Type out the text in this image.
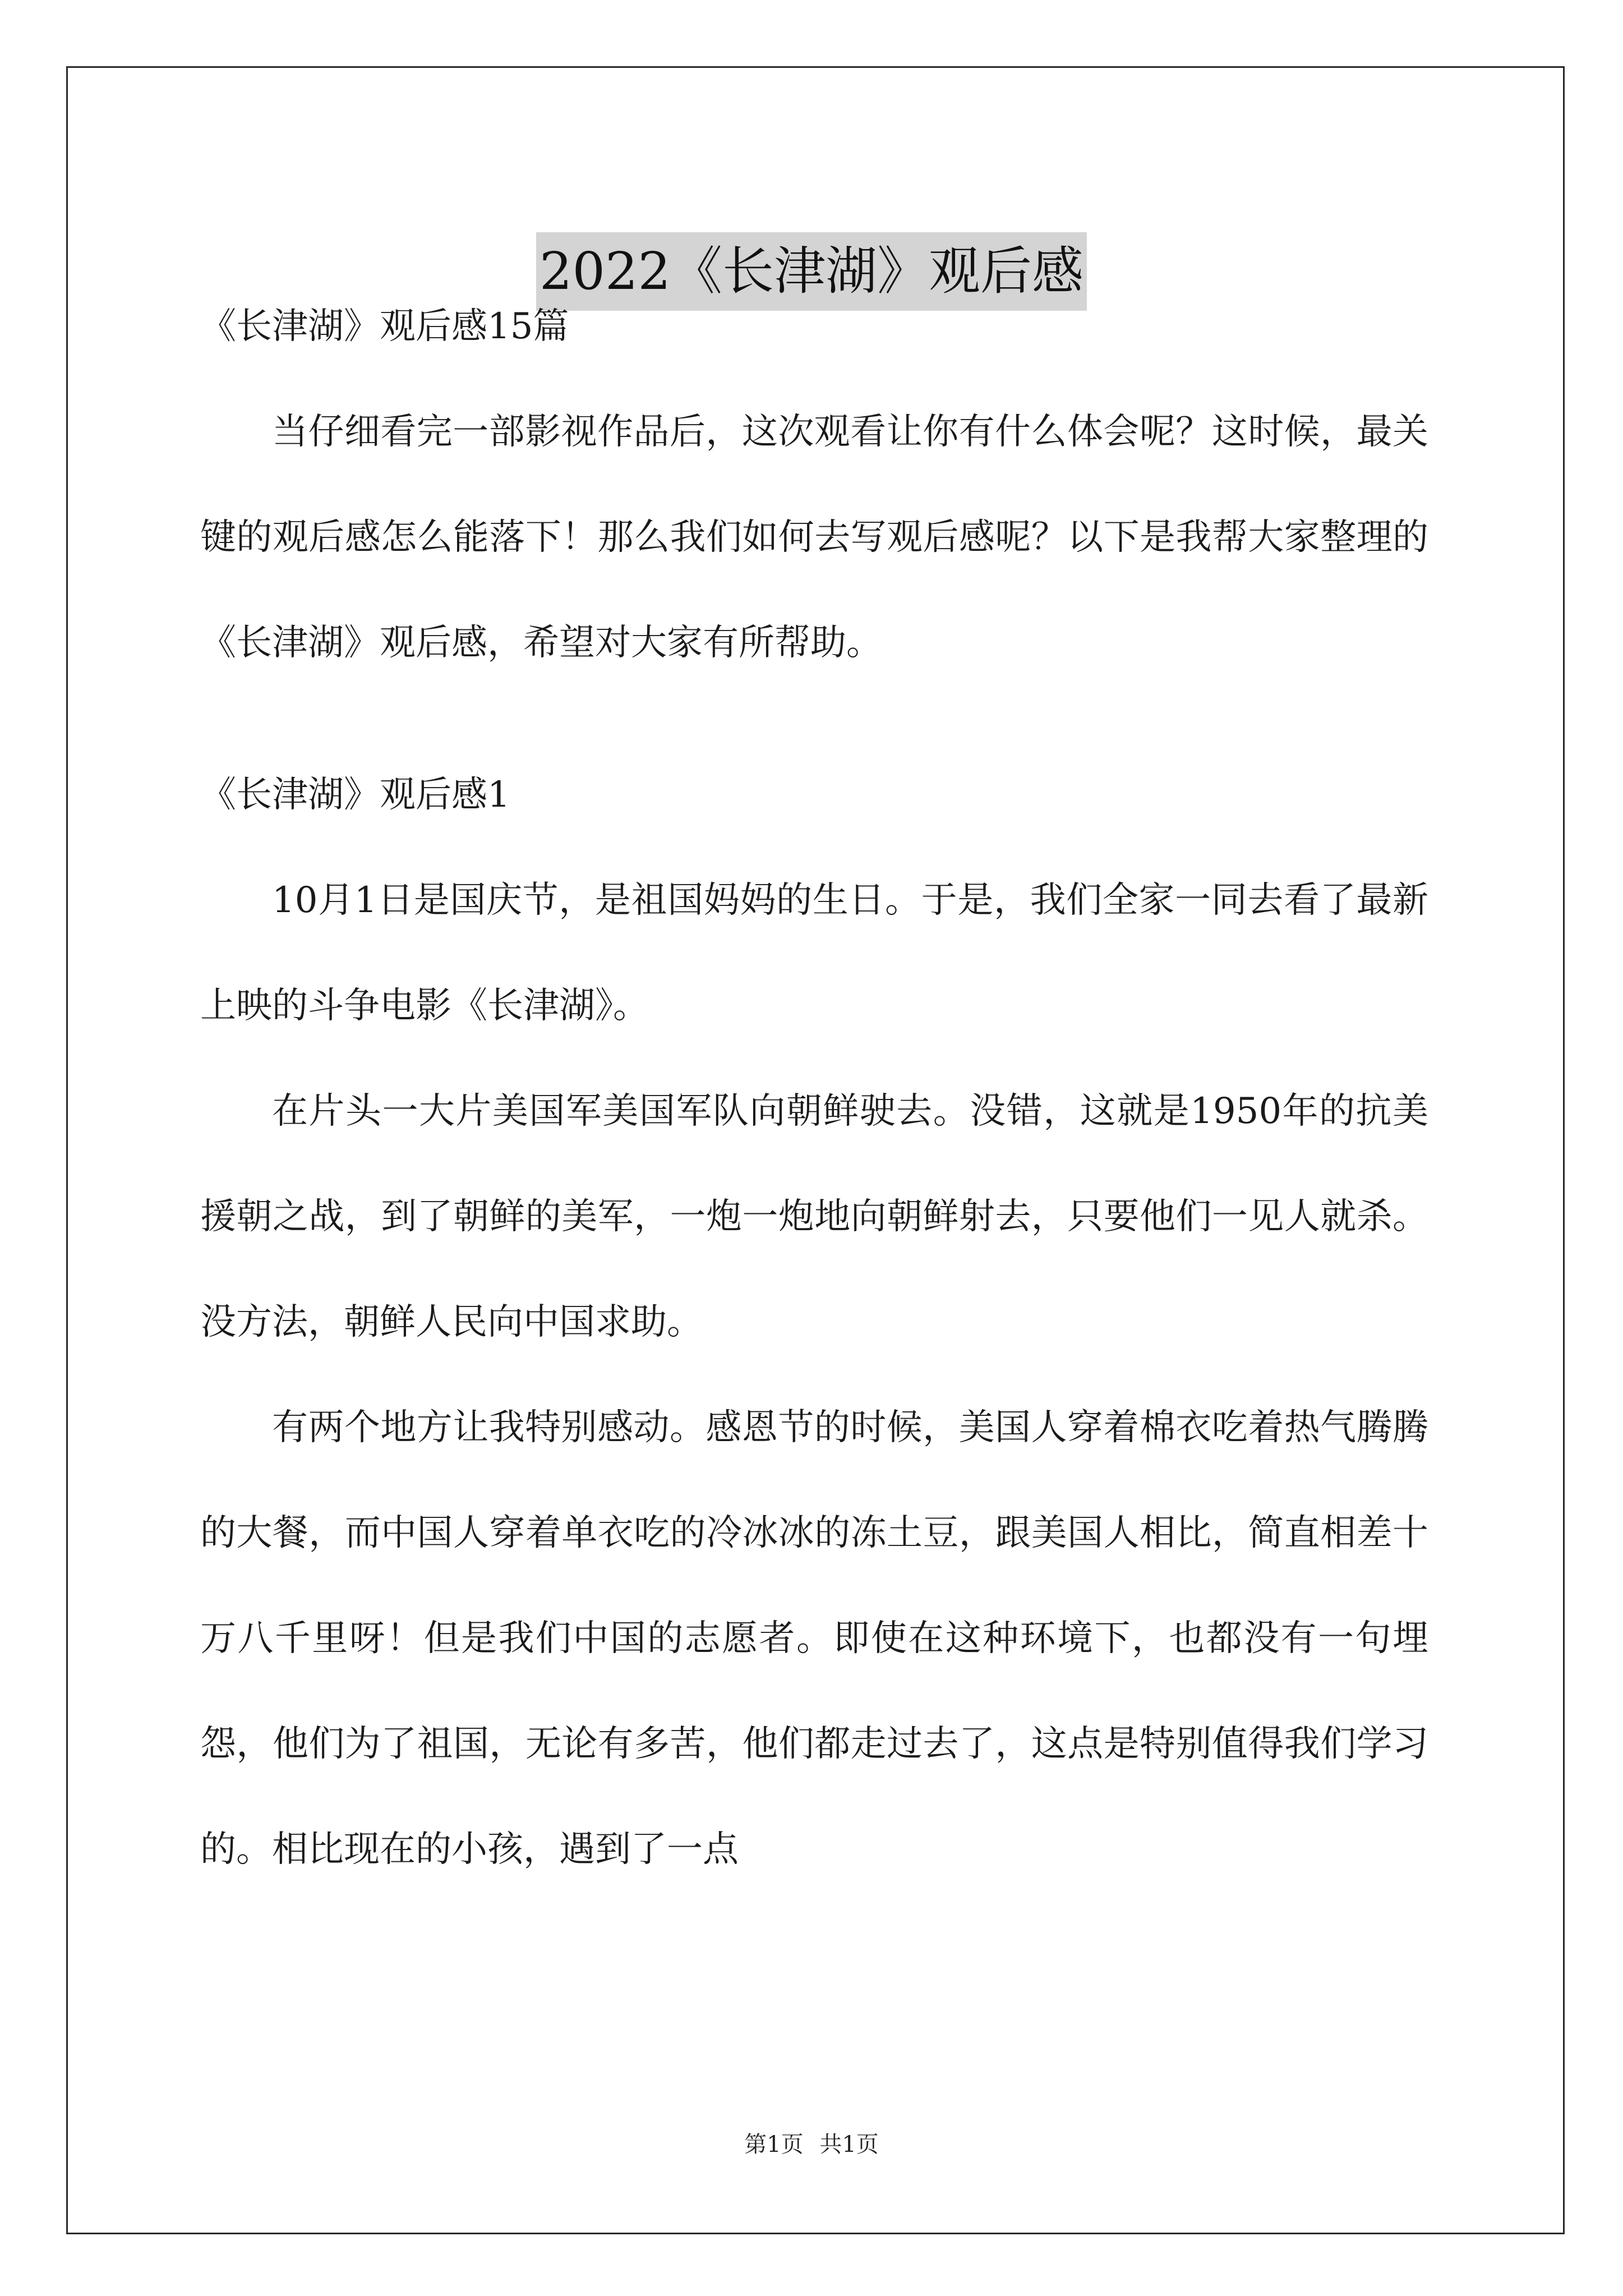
2022《长津湖》观后感

《长津湖》观后感15篇

当仔细看完一部影视作品后，这次观看让你有什么体会呢？这时候，最关键的观后感怎么能落下！那么我们如何去写观后感呢？以下是我帮大家整理的《长津湖》观后感，希望对大家有所帮助。

《长津湖》观后感1

10月1日是国庆节，是祖国妈妈的生日。于是，我们全家一同去看了最新上映的斗争电影《长津湖》。

在片头一大片美国军美国军队向朝鲜驶去。没错，这就是1950年的抗美援朝之战，到了朝鲜的美军，一炮一炮地向朝鲜射去，只要他们一见人就杀。没方法，朝鲜人民向中国求助。

有两个地方让我特别感动。感恩节的时候，美国人穿着棉衣吃着热气腾腾的大餐，而中国人穿着单衣吃的冷冰冰的冻土豆，跟美国人相比，简直相差十万八千里呀！但是我们中国的志愿者。即使在这种环境下，也都没有一句埋怨，他们为了祖国，无论有多苦，他们都走过去了，这点是特别值得我们学习的。相比现在的小孩，遇到了一点

第1页 共1页
